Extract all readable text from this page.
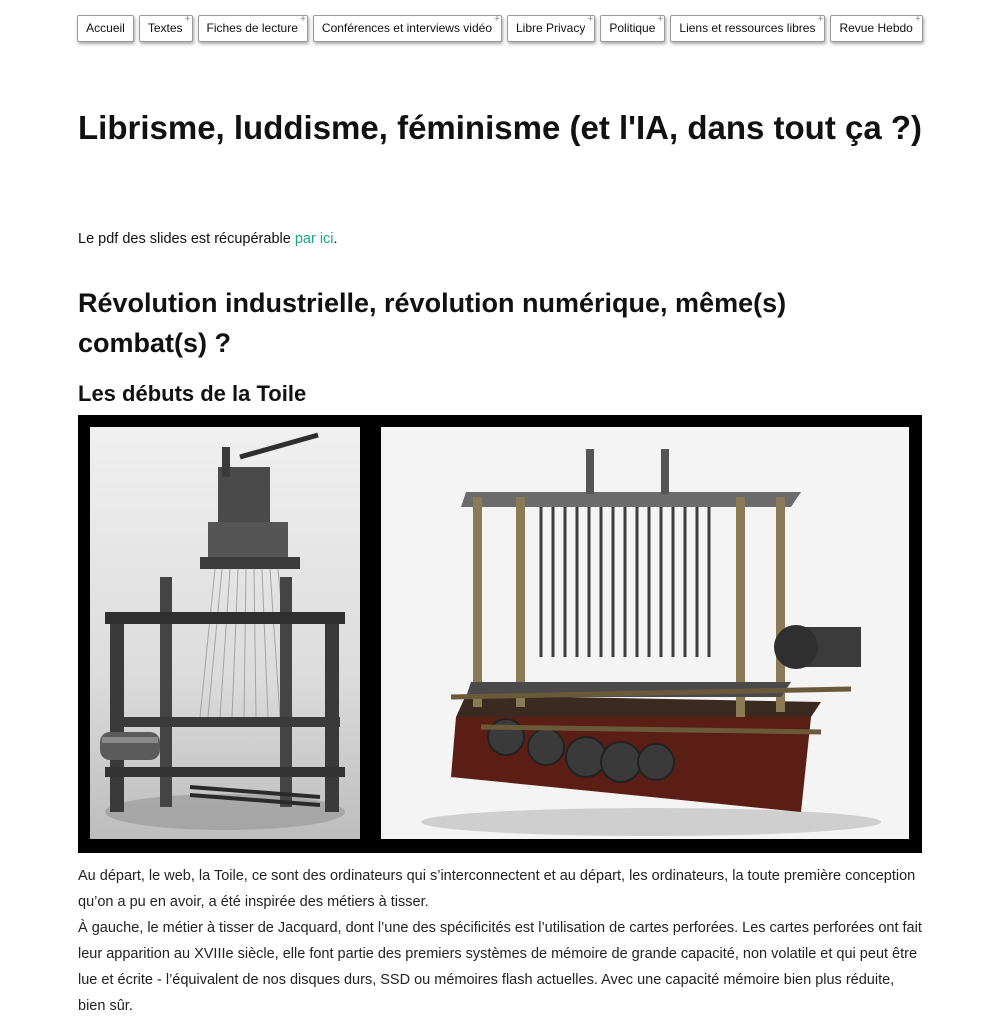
Accueil	Textes
+
Fiches de lecture
+
Conférences et interviews vidéo
+
Libre Privacy
+
Politique
+
Liens et ressources libres
+
Revue Hebdo
+
Librisme, luddisme, féminisme (et l'IA, dans tout ça ?)

Le pdf des slides est récupérable par ici.

Révolution industrielle, révolution numérique, même(s) combat(s) ?
Les débuts de la Toile

Au départ, le web, la Toile, ce sont des ordinateurs qui s’interconnectent et au départ, les ordinateurs, la toute première conception qu’on a pu en avoir, a été inspirée des métiers à tisser.

À gauche, le métier à tisser de Jacquard, dont l’une des spécificités est l’utilisation de cartes perforées. Les cartes perforées ont fait leur apparition au XVIIIe siècle, elle font partie des premiers systèmes de mémoire de grande capacité, non volatile et qui peut être lue et écrite - l’équivalent de nos disques durs, SSD ou mémoires flash actuelles. Avec une capacité mémoire bien plus réduite, bien sûr.
